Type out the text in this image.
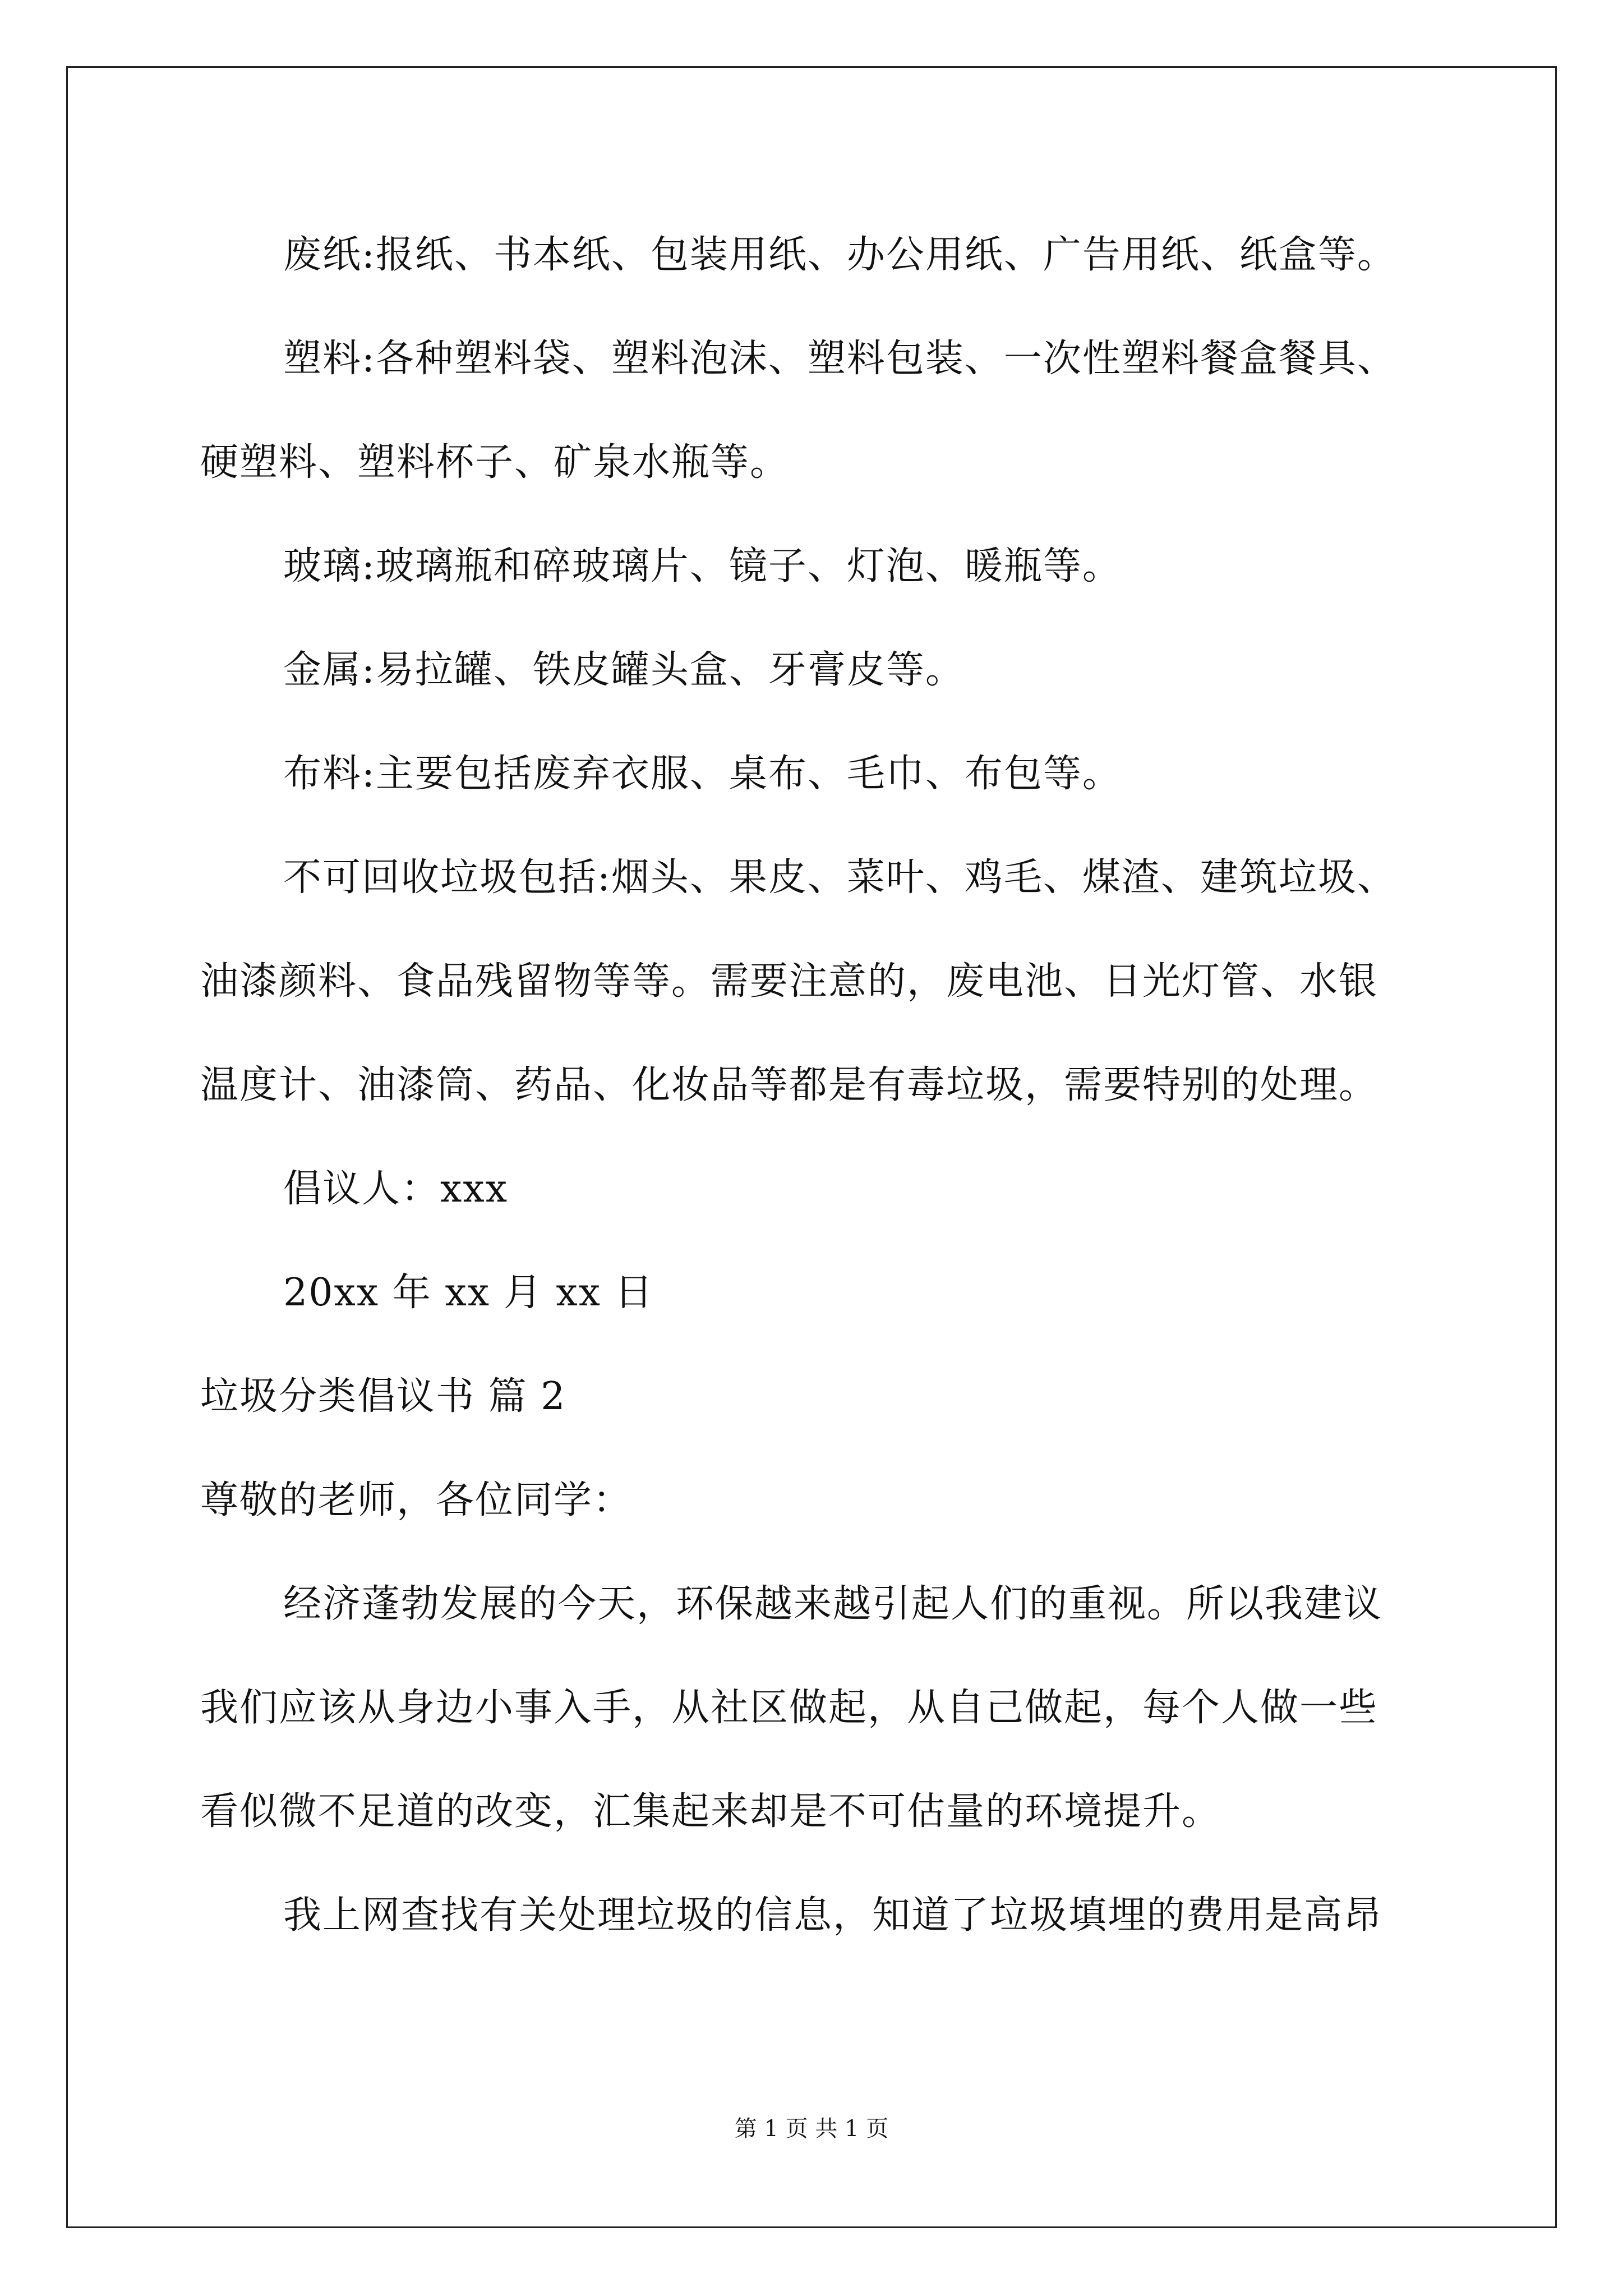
废纸:报纸、书本纸、包装用纸、办公用纸、广告用纸、纸盒等。
塑料:各种塑料袋、塑料泡沫、塑料包装、一次性塑料餐盒餐具、
硬塑料、塑料杯子、矿泉水瓶等。
玻璃:玻璃瓶和碎玻璃片、镜子、灯泡、暖瓶等。
金属:易拉罐、铁皮罐头盒、牙膏皮等。
布料:主要包括废弃衣服、桌布、毛巾、布包等。
不可回收垃圾包括:烟头、果皮、菜叶、鸡毛、煤渣、建筑垃圾、
油漆颜料、食品残留物等等。需要注意的，废电池、日光灯管、水银
温度计、油漆筒、药品、化妆品等都是有毒垃圾，需要特别的处理。
倡议人：xxx
20xx 年 xx 月 xx 日
垃圾分类倡议书 篇 2
尊敬的老师，各位同学：
经济蓬勃发展的今天，环保越来越引起人们的重视。所以我建议
我们应该从身边小事入手，从社区做起，从自己做起，每个人做一些
看似微不足道的改变，汇集起来却是不可估量的环境提升。
我上网查找有关处理垃圾的信息，知道了垃圾填埋的费用是高昂
第 1 页 共 1 页
